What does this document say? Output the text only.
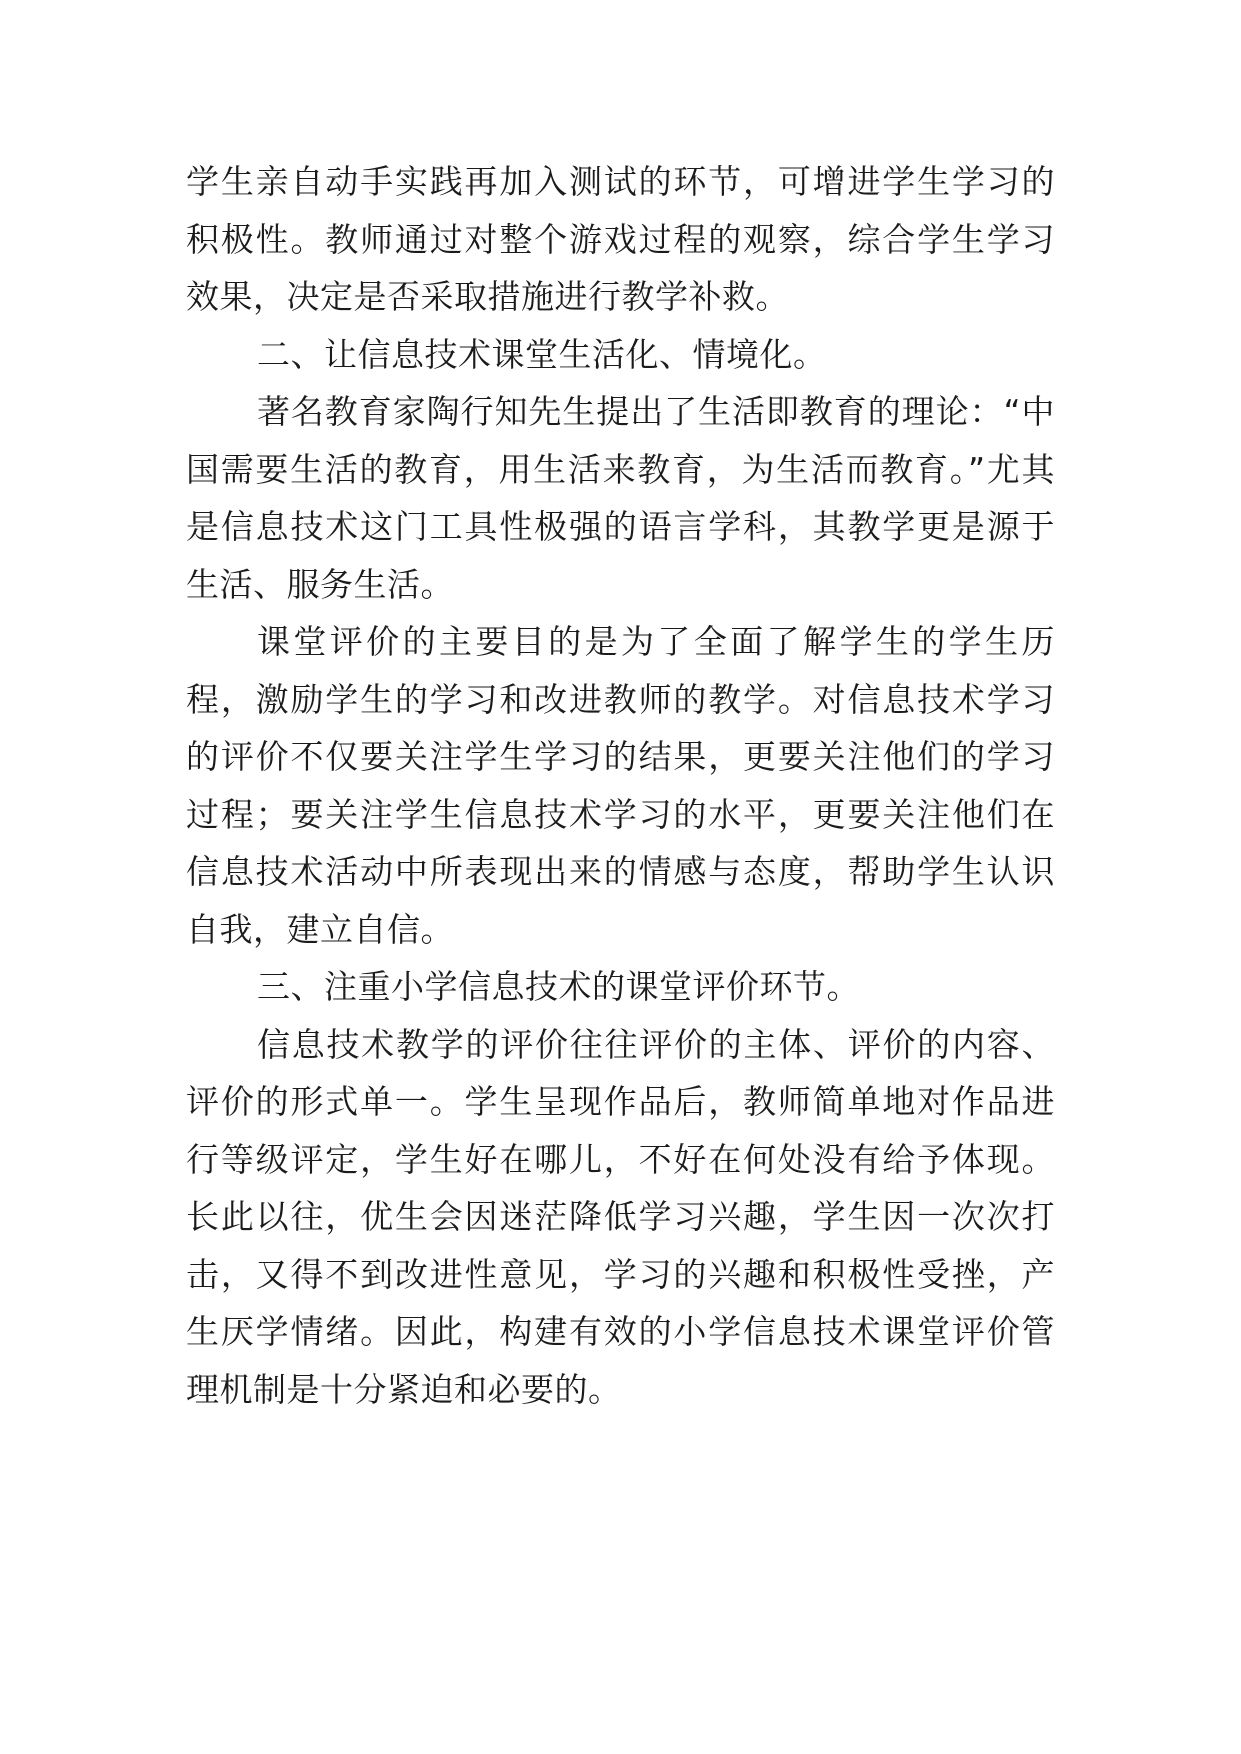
学生亲自动手实践再加入测试的环节，可增进学生学习的积极性。教师通过对整个游戏过程的观察，综合学生学习效果，决定是否采取措施进行教学补救。

二、让信息技术课堂生活化、情境化。

著名教育家陶行知先生提出了生活即教育的理论：“中国需要生活的教育，用生活来教育，为生活而教育。”尤其是信息技术这门工具性极强的语言学科，其教学更是源于生活、服务生活。

课堂评价的主要目的是为了全面了解学生的学生历程，激励学生的学习和改进教师的教学。对信息技术学习的评价不仅要关注学生学习的结果，更要关注他们的学习过程；要关注学生信息技术学习的水平，更要关注他们在信息技术活动中所表现出来的情感与态度，帮助学生认识自我，建立自信。

三、注重小学信息技术的课堂评价环节。

信息技术教学的评价往往评价的主体、评价的内容、评价的形式单一。学生呈现作品后，教师简单地对作品进行等级评定，学生好在哪儿，不好在何处没有给予体现。长此以往，优生会因迷茫降低学习兴趣，学生因一次次打击，又得不到改进性意见，学习的兴趣和积极性受挫，产生厌学情绪。因此，构建有效的小学信息技术课堂评价管理机制是十分紧迫和必要的。
